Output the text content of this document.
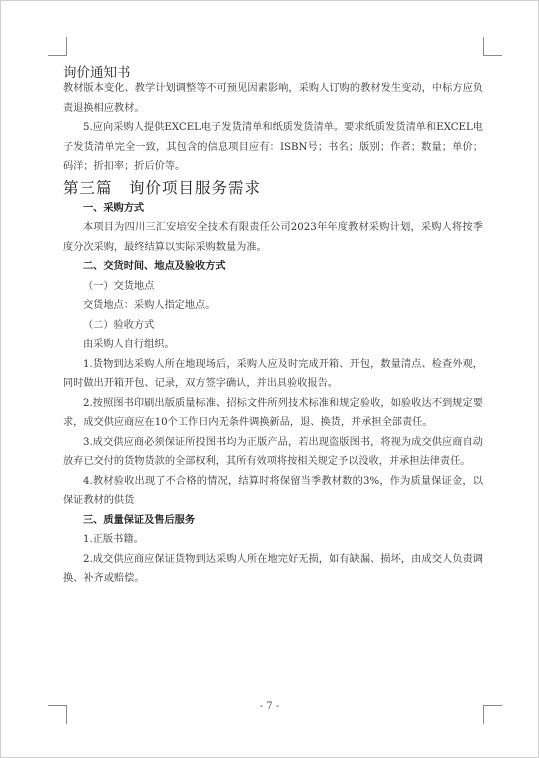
询价通知书

教材版本变化、教学计划调整等不可预见因素影响，采购人订购的教材发生变动，中标方应负责退换相应教材。

5.应向采购人提供EXCEL电子发货清单和纸质发货清单。要求纸质发货清单和EXCEL电子发货清单完全一致，其包含的信息项目应有：ISBN号；书名；版别；作者；数量；单价；码洋；折扣率；折后价等。

第三篇　询价项目服务需求

一、采购方式

本项目为四川三汇安培安全技术有限责任公司2023年年度教材采购计划，采购人将按季度分次采购，最终结算以实际采购数量为准。

二、交货时间、地点及验收方式

（一）交货地点

交货地点：采购人指定地点。

（二）验收方式

由采购人自行组织。

1.货物到达采购人所在地现场后，采购人应及时完成开箱、开包，数量清点、检查外观，同时做出开箱开包、记录，双方签字确认，并出具验收报告。

2.按照图书印刷出版质量标准、招标文件所列技术标准和规定验收，如验收达不到规定要求，成交供应商应在10个工作日内无条件调换新品，退、换货，并承担全部责任。

3.成交供应商必须保证所投图书均为正版产品，若出现盗版图书，将视为成交供应商自动放弃已交付的货物货款的全部权利，其所有效项将按相关规定予以没收，并承担法律责任。

4.教材验收出现了不合格的情况，结算时将保留当季教材数的3%，作为质量保证金，以保证教材的供货

三、质量保证及售后服务

1.正版书籍。

2.成交供应商应保证货物到达采购人所在地完好无损，如有缺漏、损坏，由成交人负责调换、补齐或赔偿。

- 7 -
